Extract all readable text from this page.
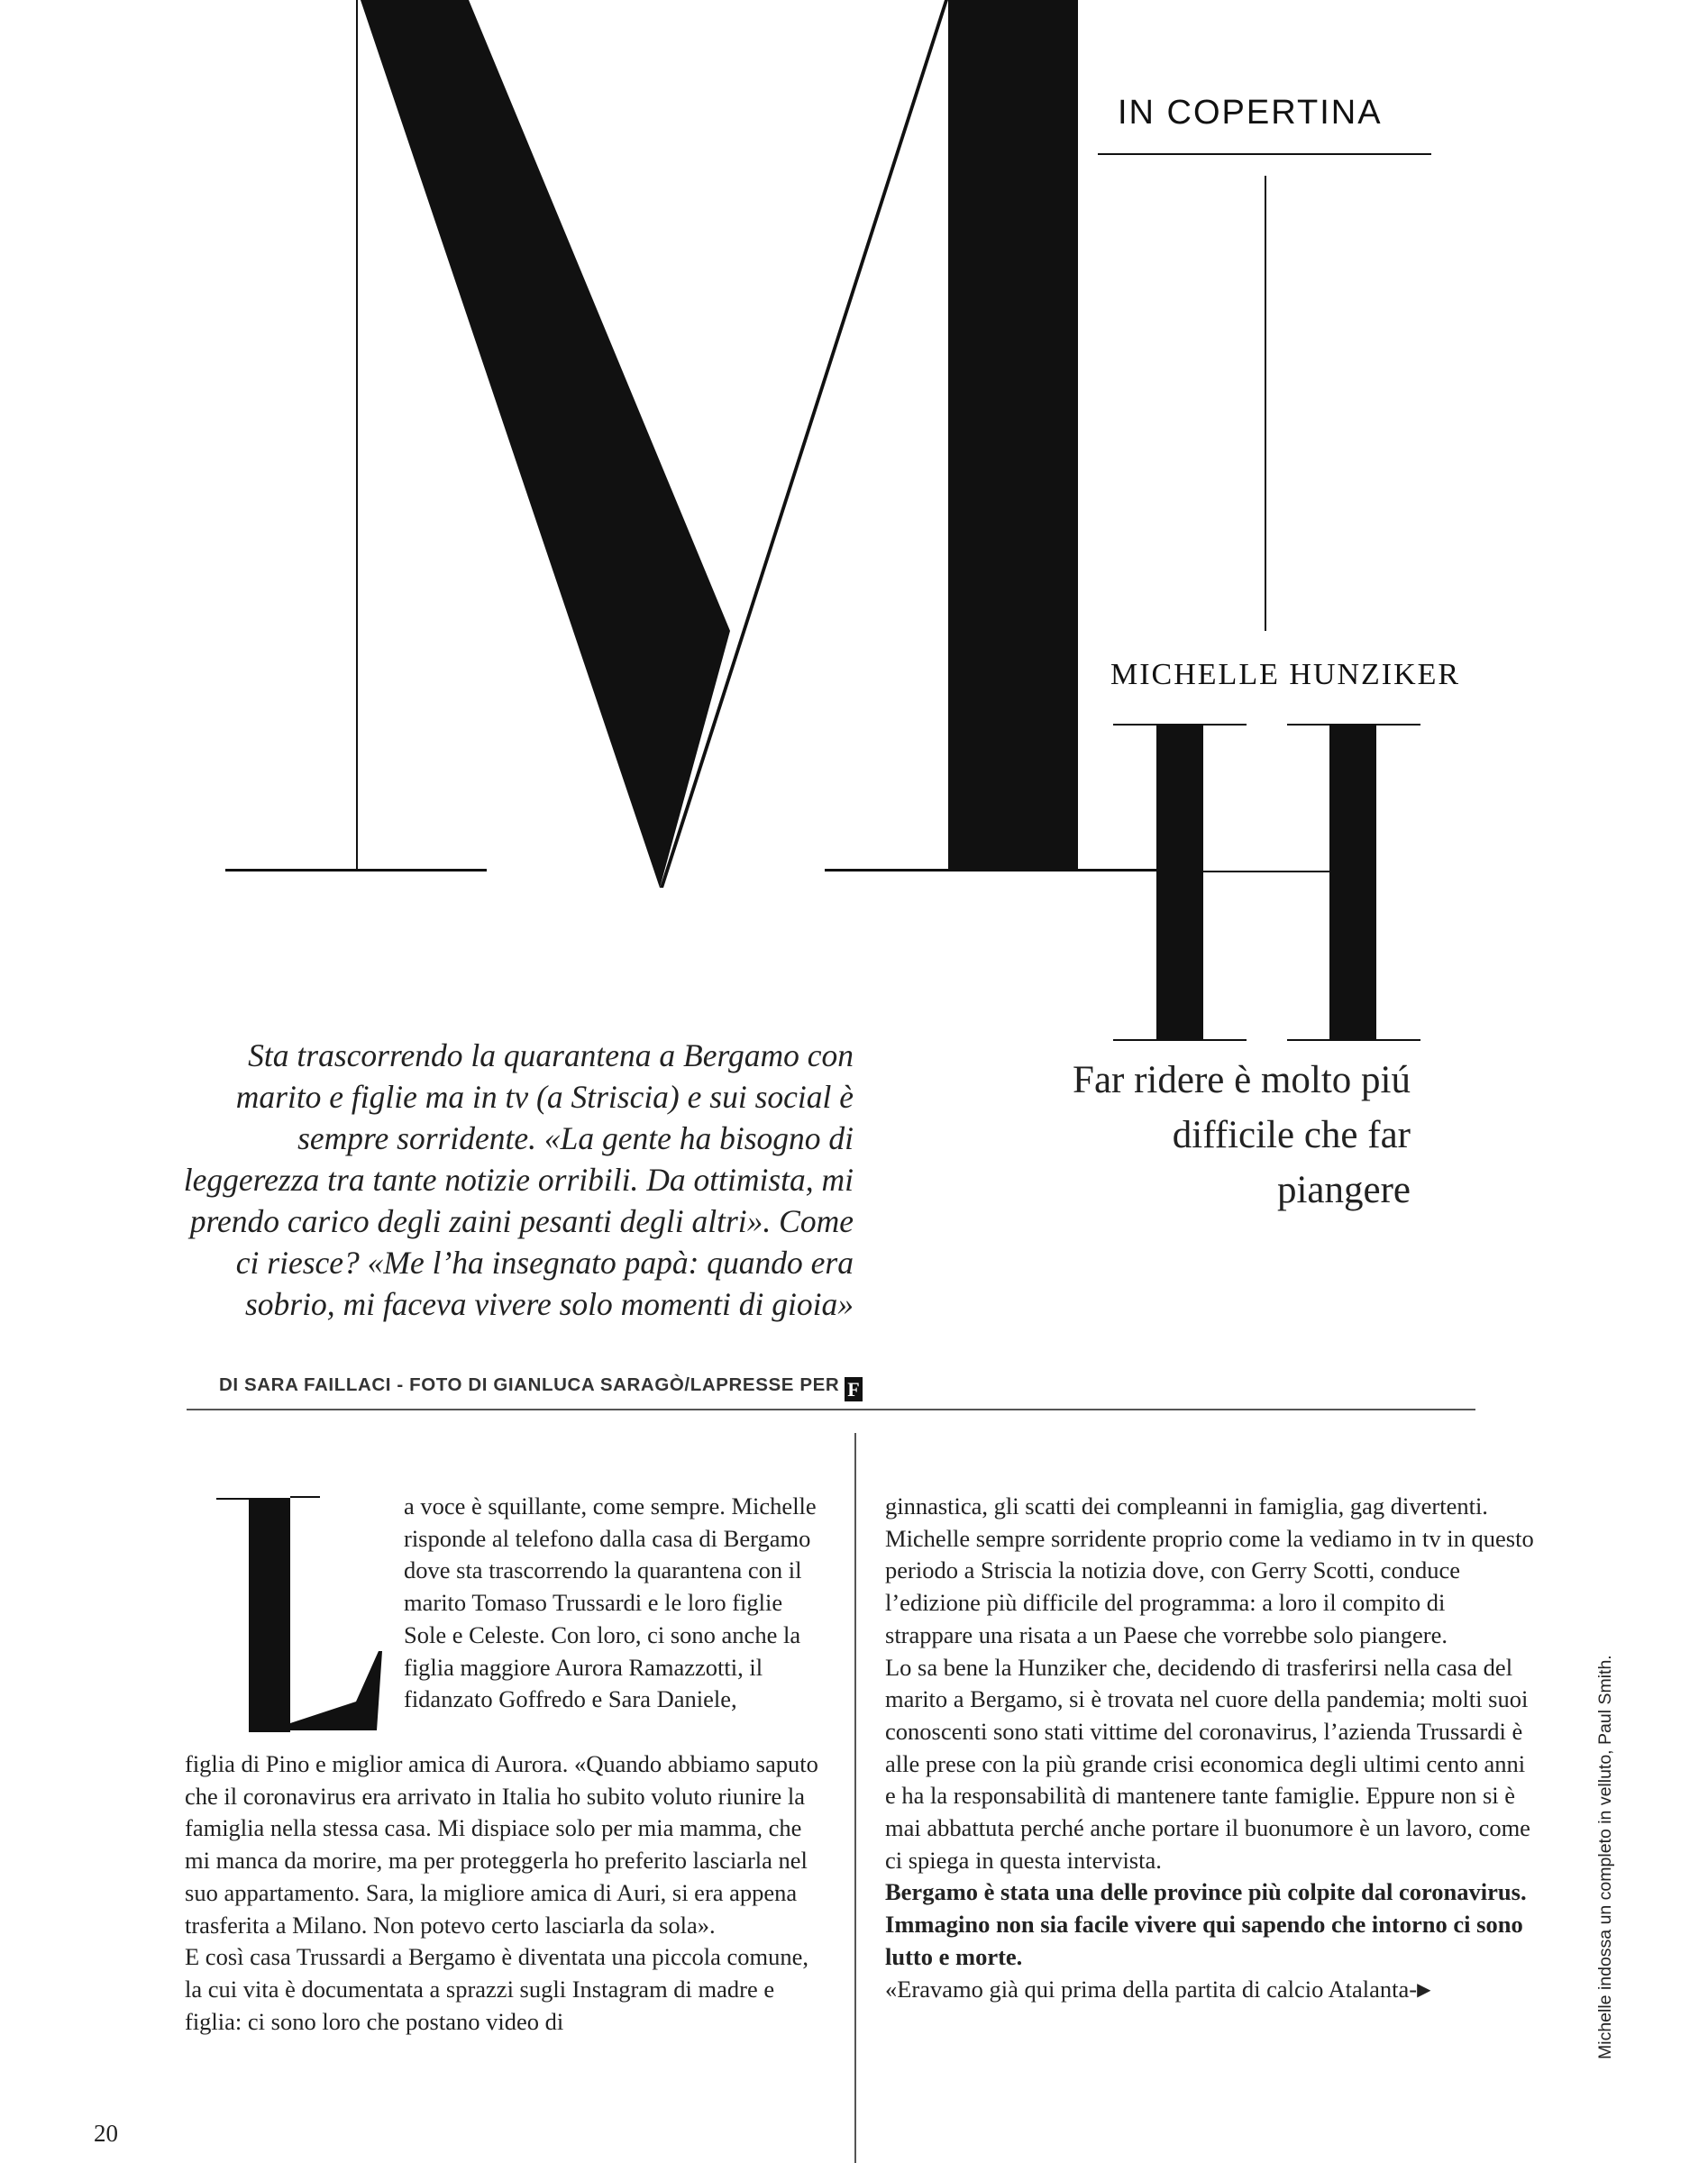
IN COPERTINA
MICHELLE HUNZIKER

Sta trascorrendo la quarantena a Bergamo con marito e figlie ma in tv (a Striscia) e sui social è sempre sorridente. «La gente ha bisogno di leggerezza tra tante notizie orribili. Da ottimista, mi prendo carico degli zaini pesanti degli altri». Come ci riesce? «Me l’ha insegnato papà: quando era sobrio, mi faceva vivere solo momenti di gioia»

Far ridere è molto piú difficile che far piangere
DI SARA FAILLACI - FOTO DI GIANLUCA SARAGÒ/LAPRESSE PER F

a voce è squillante, come sempre. Michelle risponde al telefono dalla casa di Bergamo dove sta trascorrendo la quarantena con il marito Tomaso Trussardi e le loro figlie Sole e Celeste. Con loro, ci sono anche la figlia maggiore Aurora Ramazzotti, il fidanzato Goffredo e Sara Daniele,

figlia di Pino e miglior amica di Aurora. «Quando abbiamo saputo che il coronavirus era arrivato in Italia ho subito voluto riunire la famiglia nella stessa casa. Mi dispiace solo per mia mamma, che mi manca da morire, ma per proteggerla ho preferito lasciarla nel suo appartamento. Sara, la migliore amica di Auri, si era appena trasferita a Milano. Non potevo certo lasciarla da sola».

E così casa Trussardi a Bergamo è diventata una piccola comune, la cui vita è documentata a sprazzi sugli Instagram di madre e figlia: ci sono loro che postano video di

ginnastica, gli scatti dei compleanni in famiglia, gag divertenti. Michelle sempre sorridente proprio come la vediamo in tv in questo periodo a Striscia la notizia dove, con Gerry Scotti, conduce l’edizione più difficile del programma: a loro il compito di strappare una risata a un Paese che vorrebbe solo piangere.

Lo sa bene la Hunziker che, decidendo di trasferirsi nella casa del marito a Bergamo, si è trovata nel cuore della pandemia; molti suoi conoscenti sono stati vittime del coronavirus, l’azienda Trussardi è alle prese con la più grande crisi economica degli ultimi cento anni e ha la responsabilità di mantenere tante famiglie. Eppure non si è mai abbattuta perché anche portare il buonumore è un lavoro, come ci spiega in questa intervista.

Bergamo è stata una delle province più colpite dal coronavirus. Immagino non sia facile vivere qui sapendo che intorno ci sono lutto e morte.

«Eravamo già qui prima della partita di calcio Atalanta-▶	Michelle indossa un completo in velluto, Paul Smith.
20
